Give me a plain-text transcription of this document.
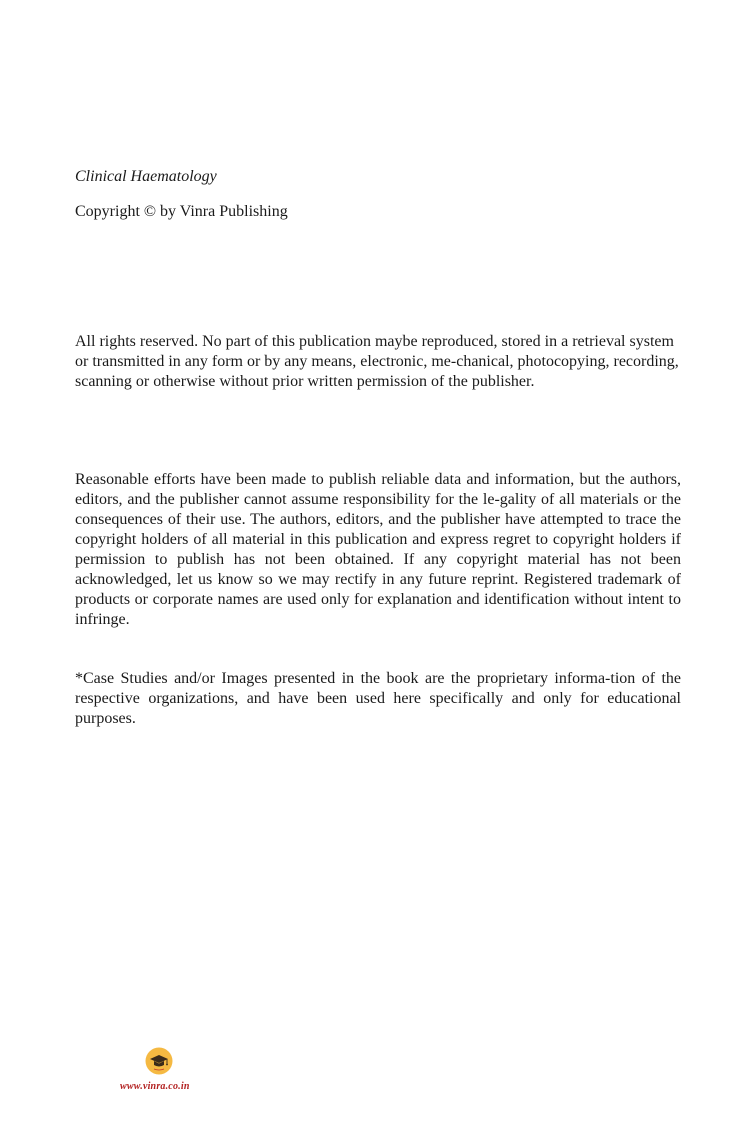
Clinical Haematology

Copyright © by Vinra Publishing

All rights reserved. No part of this publication maybe reproduced, stored in a retrieval system or transmitted in any form or by any means, electronic, me-chanical, photocopying, recording, scanning or otherwise without prior written permission of the publisher.

Reasonable efforts have been made to publish reliable data and information, but the authors, editors, and the publisher cannot assume responsibility for the le-gality of all materials or the consequences of their use. The authors, editors, and the publisher have attempted to trace the copyright holders of all material in this publication and express regret to copyright holders if permission to publish has not been obtained. If any copyright material has not been acknowledged, let us know so we may rectify in any future reprint. Registered trademark of products or corporate names are used only for explanation and identification without intent to infringe.

*Case Studies and/or Images presented in the book are the proprietary informa-tion of the respective organizations, and have been used here specifically and only for educational purposes.

www.vinra.co.in
